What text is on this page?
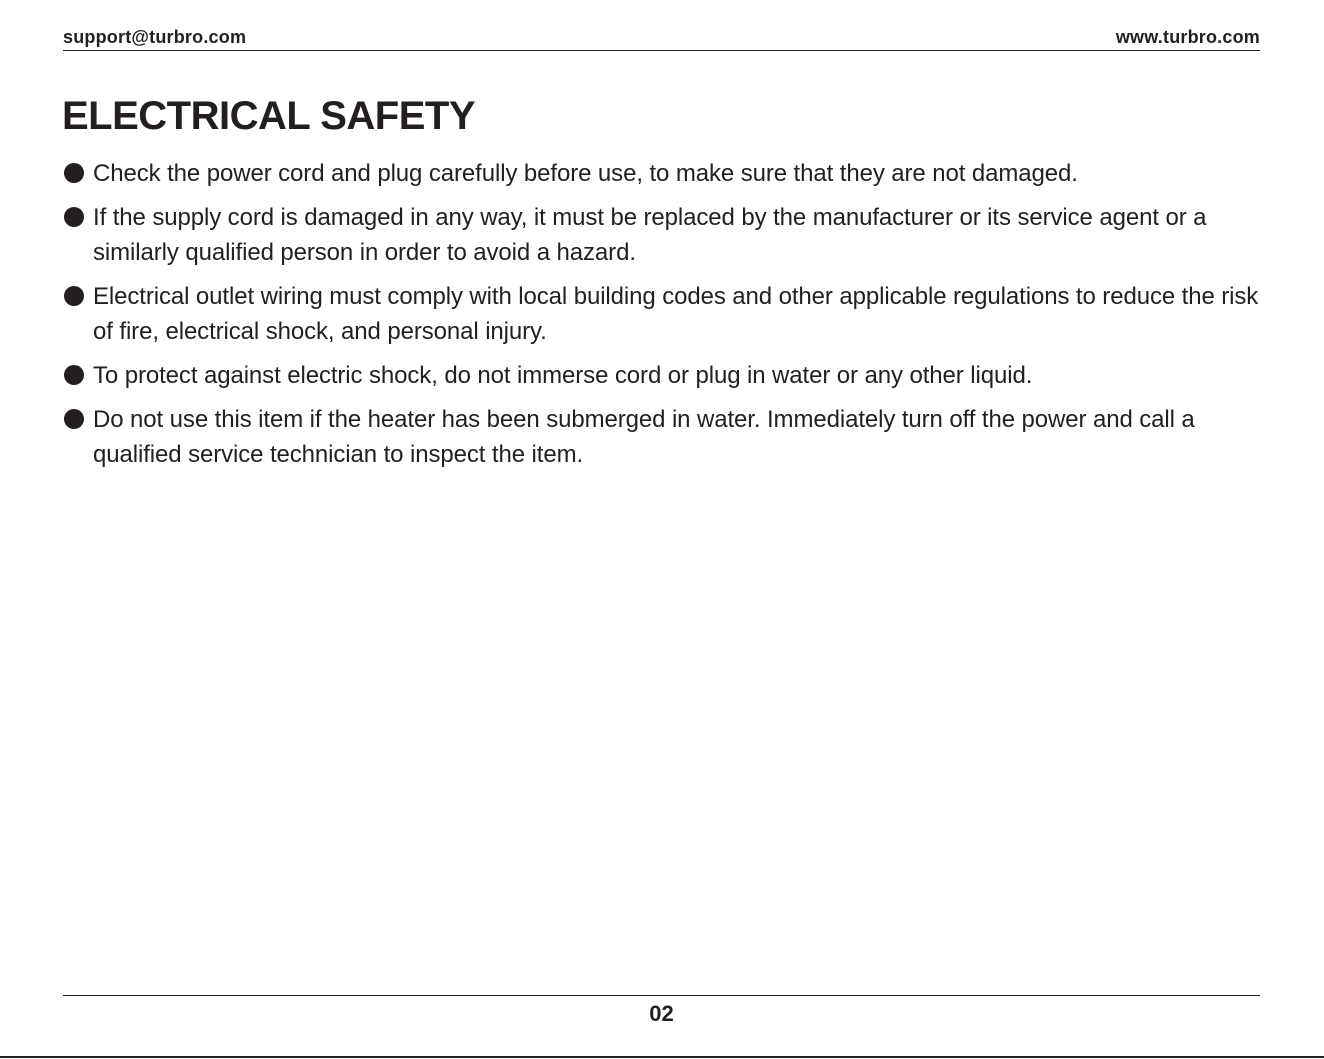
support@turbro.com	www.turbro.com
ELECTRICAL SAFETY
Check the power cord and plug carefully before use, to make sure that they are not damaged.
If the supply cord is damaged in any way, it must be replaced by the manufacturer or its service agent or a similarly qualified person in order to avoid a hazard.
Electrical outlet wiring must comply with local building codes and other applicable regulations to reduce the risk of fire, electrical shock, and personal injury.
To protect against electric shock, do not immerse cord or plug in water or any other liquid.
Do not use this item if the heater has been submerged in water. Immediately turn off the power and call a qualified service technician to inspect the item.
02
